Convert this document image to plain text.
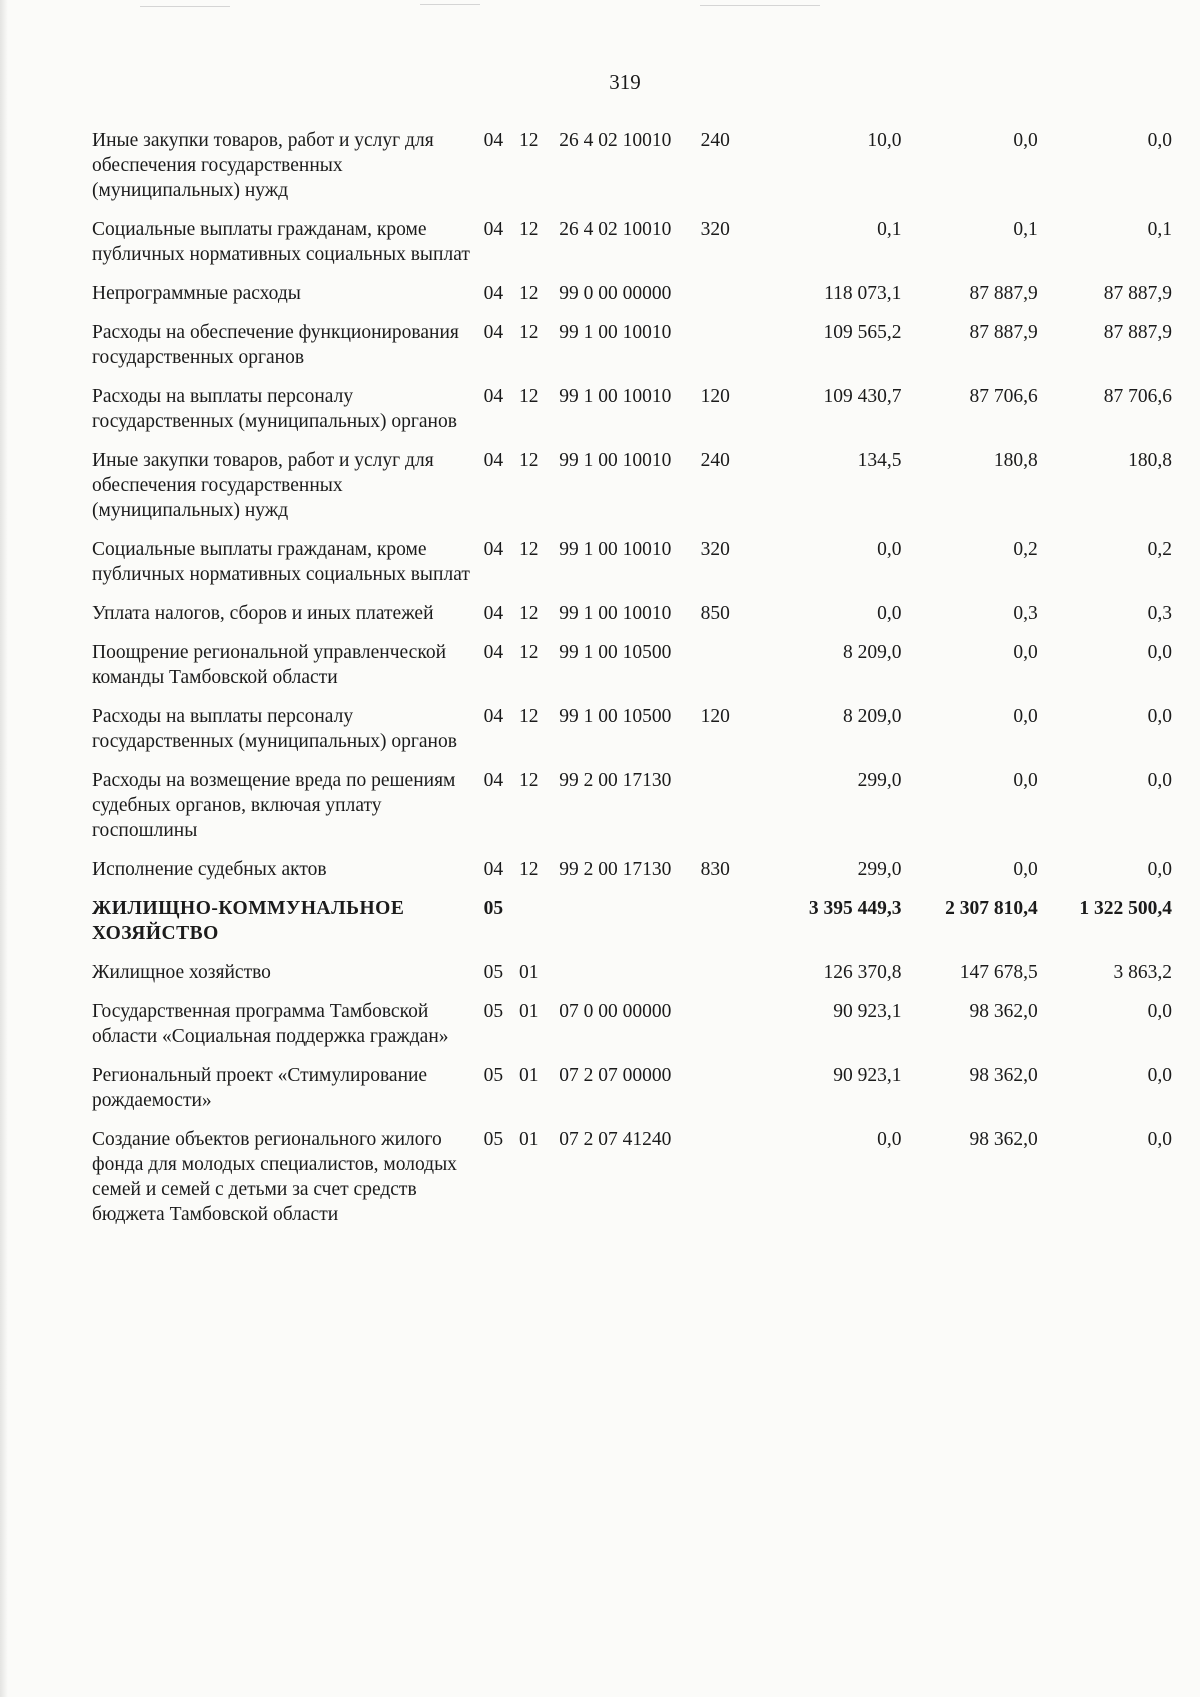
319
Иные закупки товаров, работ и услуг для обеспечения государственных (муниципальных) нужд	04	12	26 4 02 10010	240	10,0	0,0	0,0
Социальные выплаты гражданам, кроме публичных нормативных социальных выплат	04	12	26 4 02 10010	320	0,1	0,1	0,1
Непрограммные расходы	04	12	99 0 00 00000		118 073,1	87 887,9	87 887,9
Расходы на обеспечение функционирования государственных органов	04	12	99 1 00 10010		109 565,2	87 887,9	87 887,9
Расходы на выплаты персоналу государственных (муниципальных) органов	04	12	99 1 00 10010	120	109 430,7	87 706,6	87 706,6
Иные закупки товаров, работ и услуг для обеспечения государственных (муниципальных) нужд	04	12	99 1 00 10010	240	134,5	180,8	180,8
Социальные выплаты гражданам, кроме публичных нормативных социальных выплат	04	12	99 1 00 10010	320	0,0	0,2	0,2
Уплата налогов, сборов и иных платежей	04	12	99 1 00 10010	850	0,0	0,3	0,3
Поощрение региональной управленческой команды Тамбовской области	04	12	99 1 00 10500		8 209,0	0,0	0,0
Расходы на выплаты персоналу государственных (муниципальных) органов	04	12	99 1 00 10500	120	8 209,0	0,0	0,0
Расходы на возмещение вреда по решениям судебных органов, включая уплату госпошлины	04	12	99 2 00 17130		299,0	0,0	0,0
Исполнение судебных актов	04	12	99 2 00 17130	830	299,0	0,0	0,0
ЖИЛИЩНО-КОММУНАЛЬНОЕ ХОЗЯЙСТВО	05				3 395 449,3	2 307 810,4	1 322 500,4
Жилищное хозяйство	05	01			126 370,8	147 678,5	3 863,2
Государственная программа Тамбовской области «Социальная поддержка граждан»	05	01	07 0 00 00000		90 923,1	98 362,0	0,0
Региональный проект «Стимулирование рождаемости»	05	01	07 2 07 00000		90 923,1	98 362,0	0,0
Создание объектов регионального жилого фонда для молодых специалистов, молодых семей и семей с детьми за счет средств бюджета Тамбовской области	05	01	07 2 07 41240		0,0	98 362,0	0,0
